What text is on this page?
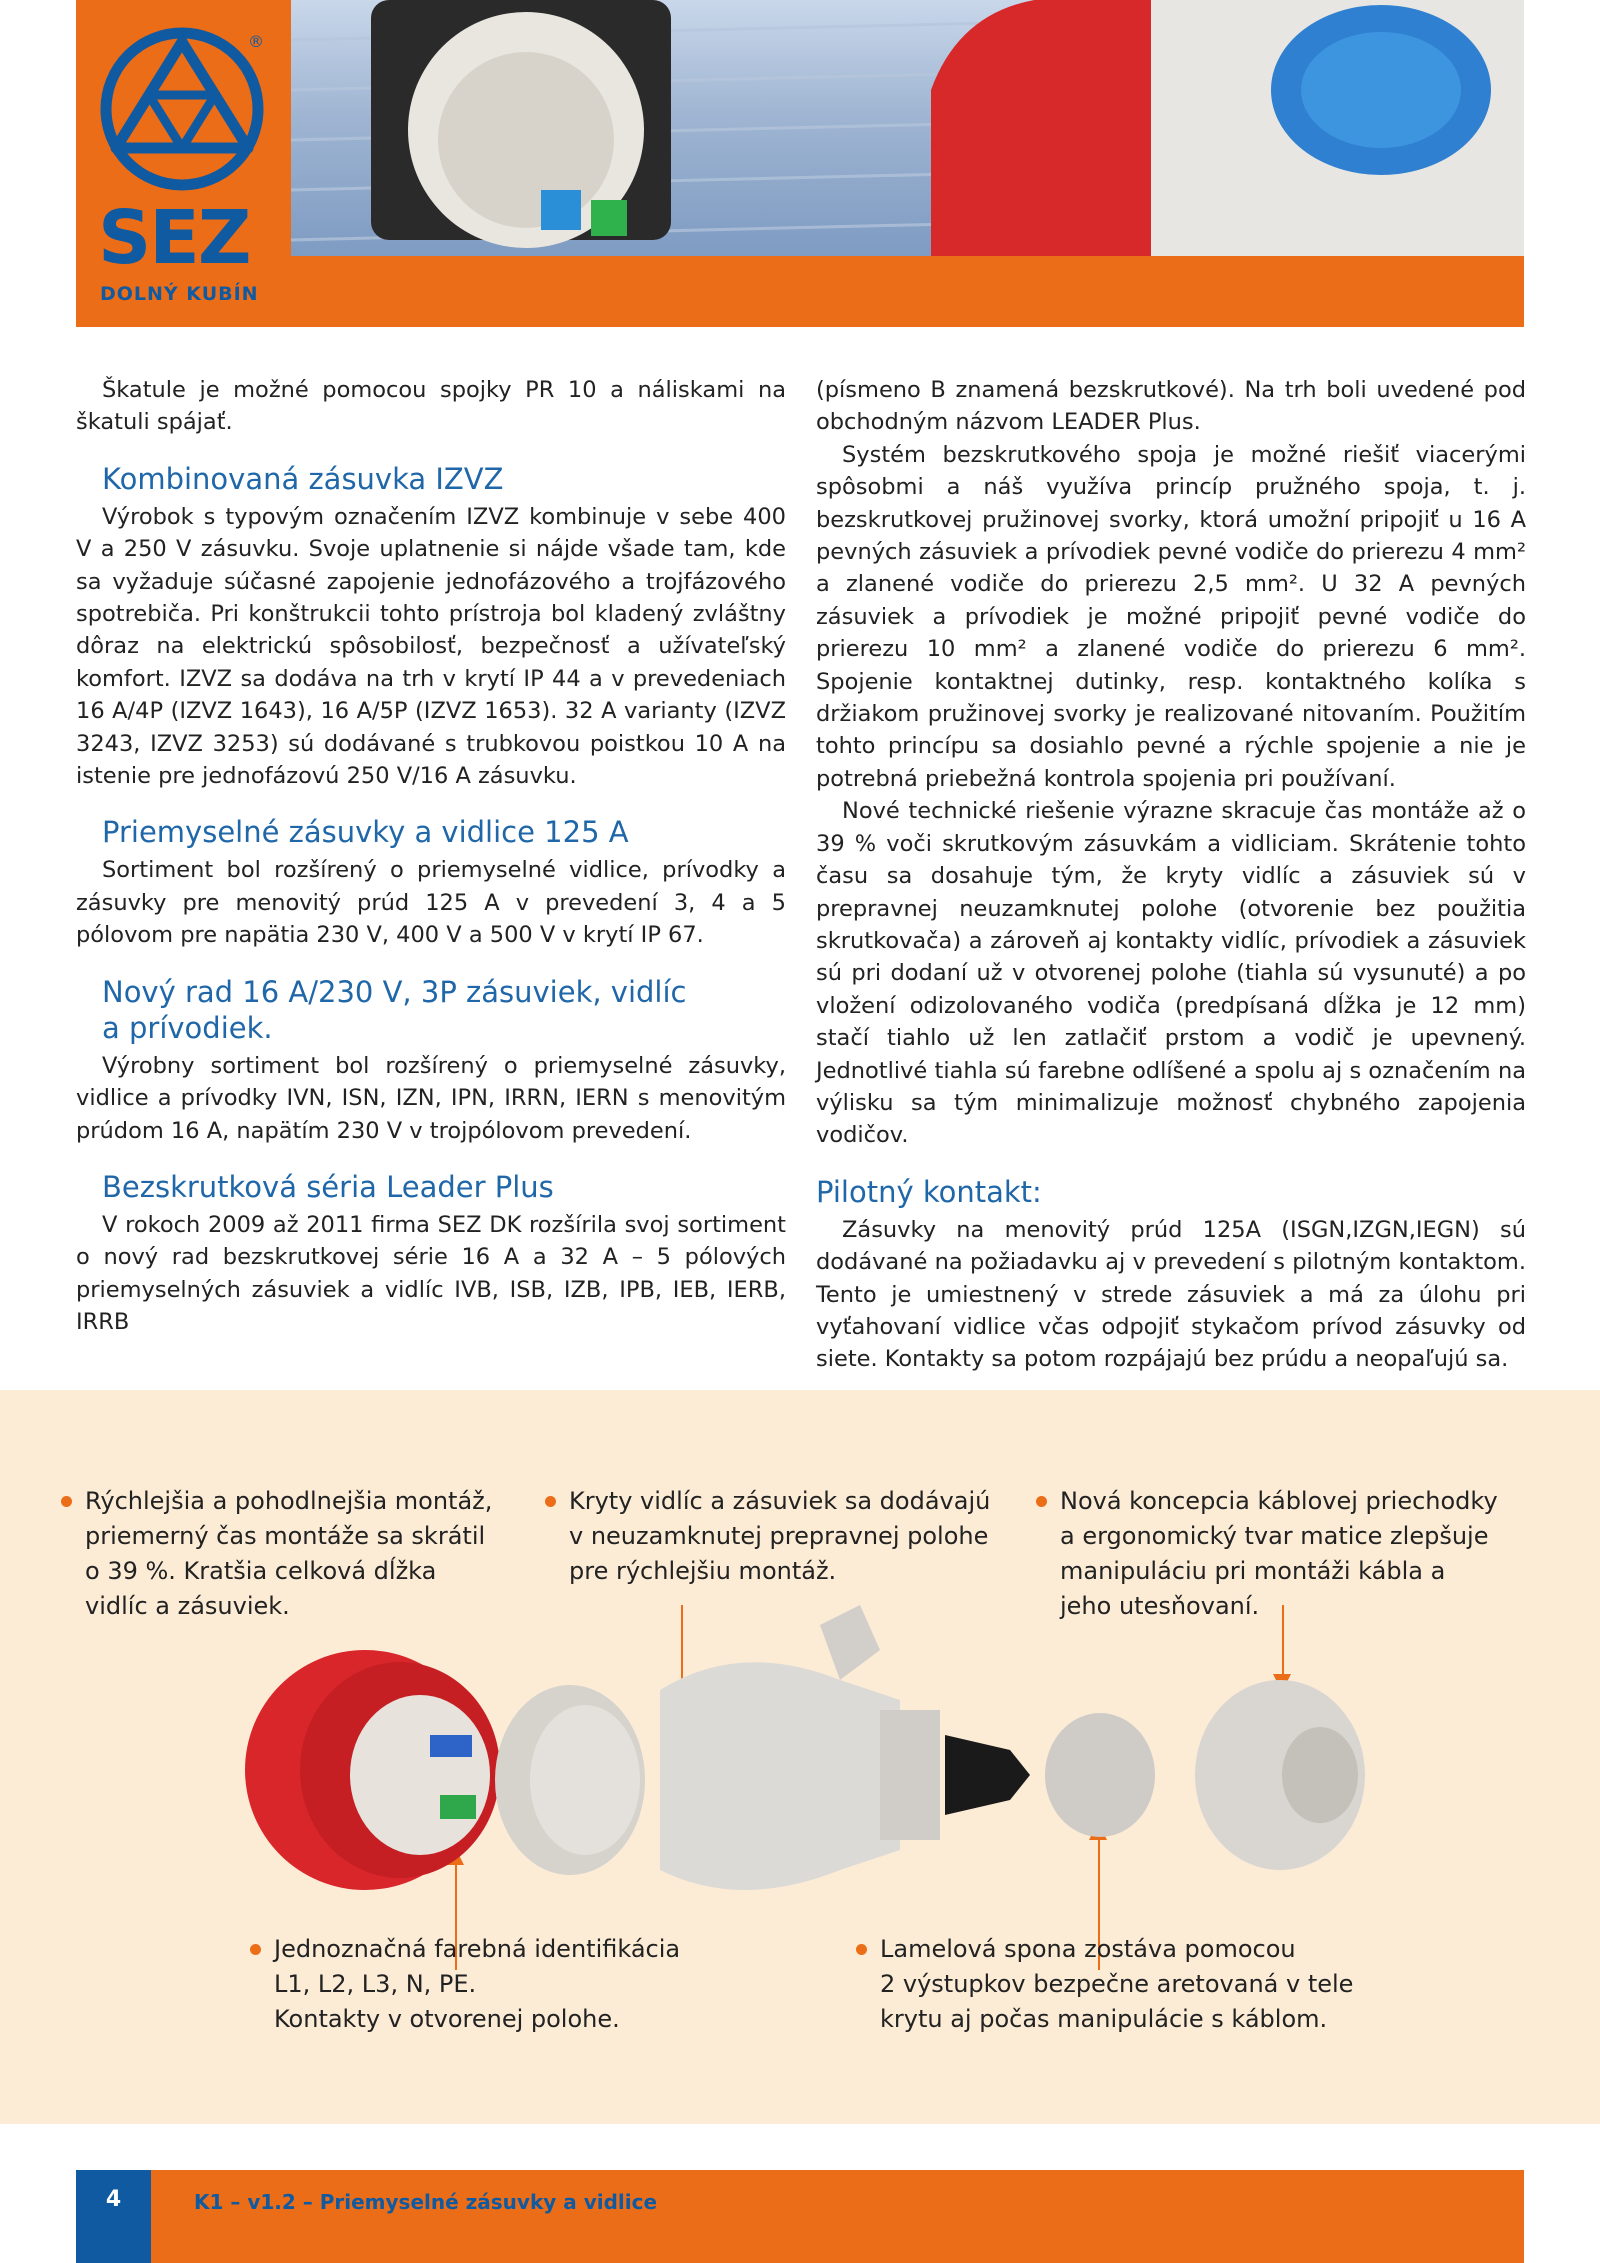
®
SEZ
DOLNÝ KUBÍN

Škatule je možné pomocou spojky PR 10 a náliskami na škatuli spájať.

Kombinovaná zásuvka IZVZ

Výrobok s typovým označením IZVZ kombinuje v sebe 400 V a 250 V zásuvku. Svoje uplatnenie si nájde všade tam, kde sa vyžaduje súčasné zapojenie jednofázového a trojfázového spotrebiča. Pri konštrukcii tohto prístroja bol kladený zvláštny dôraz na elektrickú spôsobilosť, bezpečnosť a užívateľský komfort. IZVZ sa dodáva na trh v krytí IP 44 a v prevedeniach 16 A/4P (IZVZ 1643), 16 A/5P (IZVZ 1653). 32 A varianty (IZVZ 3243, IZVZ 3253) sú dodávané s trubkovou poistkou 10 A na istenie pre jednofázovú 250 V/16 A zásuvku.

Priemyselné zásuvky a vidlice 125 A

Sortiment bol rozšírený o priemyselné vidlice, prívodky a zásuvky pre menovitý prúd 125 A v prevedení 3, 4 a 5 pólovom pre napätia 230 V, 400 V a 500 V v krytí IP 67.

Nový rad 16 A/230 V, 3P zásuviek, vidlíc
a prívodiek.

Výrobny sortiment bol rozšírený o priemyselné zásuvky, vidlice a prívodky IVN, ISN, IZN, IPN, IRRN, IERN s menovitým prúdom 16 A, napätím 230 V v trojpólovom prevedení.

Bezskrutková séria Leader Plus

V rokoch 2009 až 2011 firma SEZ DK rozšírila svoj sortiment o nový rad bezskrutkovej série 16 A a 32 A – 5 pólových priemyselných zásuviek a vidlíc IVB, ISB, IZB, IPB, IEB, IERB, IRRB

(písmeno B znamená bezskrutkové). Na trh boli uvedené pod obchodným názvom LEADER Plus.

Systém bezskrutkového spoja je možné riešiť viacerými spôsobmi a náš využíva princíp pružného spoja, t. j. bezskrutkovej pružinovej svorky, ktorá umožní pripojiť u 16 A pevných zásuviek a prívodiek pevné vodiče do prierezu 4 mm² a zlanené vodiče do prierezu 2,5 mm². U 32 A pevných zásuviek a prívodiek je možné pripojiť pevné vodiče do prierezu 10 mm² a zlanené vodiče do prierezu 6 mm². Spojenie kontaktnej dutinky, resp. kontaktného kolíka s držiakom pružinovej svorky je realizované nitovaním. Použitím tohto princípu sa dosiahlo pevné a rýchle spojenie a nie je potrebná priebežná kontrola spojenia pri používaní.

Nové technické riešenie výrazne skracuje čas montáže až o 39 % voči skrutkovým zásuvkám a vidliciam. Skrátenie tohto času sa dosahuje tým, že kryty vidlíc a zásuviek sú v prepravnej neuzamknutej polohe (otvorenie bez použitia skrutkovača) a zároveň aj kontakty vidlíc, prívodiek a zásuviek sú pri dodaní už v otvorenej polohe (tiahla sú vysunuté) a po vložení odizolovaného vodiča (predpísaná dĺžka je 12 mm) stačí tiahlo už len zatlačiť prstom a vodič je upevnený. Jednotlivé tiahla sú farebne odlíšené a spolu aj s označením na výlisku sa tým minimalizuje možnosť chybného zapojenia vodičov.

Pilotný kontakt:

Zásuvky na menovitý prúd 125A (ISGN,IZGN,IEGN) sú dodávané na požiadavku aj v prevedení s pilotným kontaktom. Tento je umiestnený v strede zásuviek a má za úlohu pri vyťahovaní vidlice včas odpojiť stykačom prívod zásuvky od siete. Kontakty sa potom rozpájajú bez prúdu a neopaľujú sa.

Rýchlejšia a pohodlnejšia montáž,
priemerný čas montáže sa skrátil
o 39 %. Kratšia celková dĺžka
vidlíc a zásuviek.
Kryty vidlíc a zásuviek sa dodávajú
v neuzamknutej prepravnej polohe
pre rýchlejšiu montáž.
Nová koncepcia káblovej priechodky
a ergonomický tvar matice zlepšuje
manipuláciu pri montáži kábla a
jeho utesňovaní.
Jednoznačná farebná identifikácia
L1, L2, L3, N, PE.
Kontakty v otvorenej polohe.
Lamelová spona zostáva pomocou
2 výstupkov bezpečne aretovaná v tele
krytu aj počas manipulácie s káblom.
4	K1 – v1.2 – Priemyselné zásuvky a vidlice
